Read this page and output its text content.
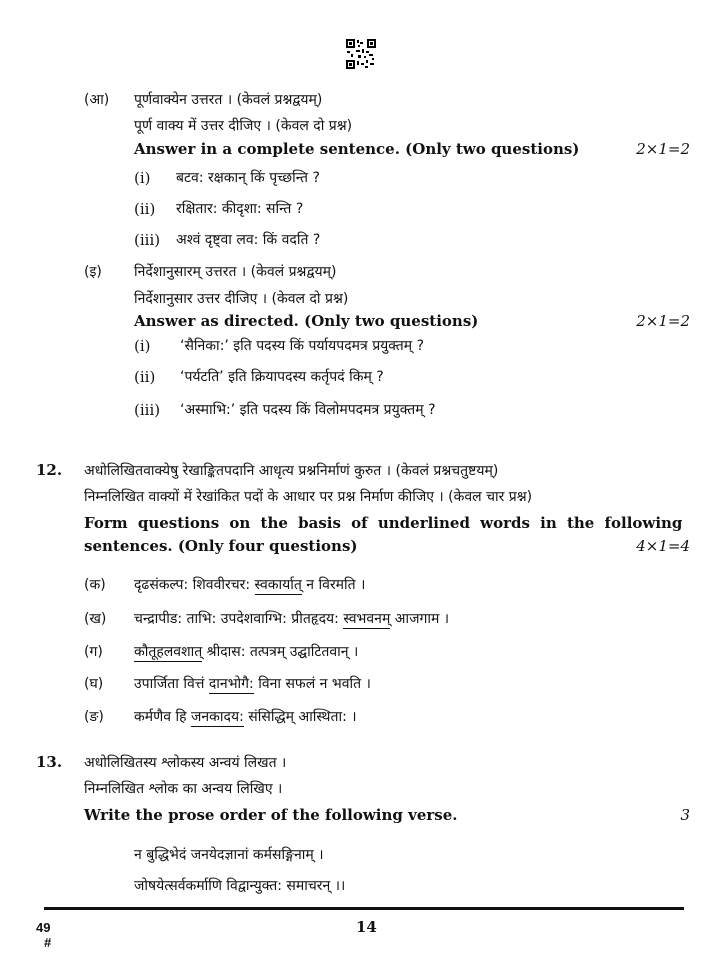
(आ) पूर्णवाक्येन उत्तरत । (केवलं प्रश्नद्वयम्)
पूर्ण वाक्य में उत्तर दीजिए । (केवल दो प्रश्न)
Answer in a complete sentence. (Only two questions)	2×1=2
(i) बटव: रक्षकान् किं पृच्छन्ति ?
(ii) रक्षितार: कीदृशा: सन्ति ?
(iii) अश्वं दृष्ट्वा लव: किं वदति ?
(इ) निर्देशानुसारम् उत्तरत । (केवलं प्रश्नद्वयम्)
निर्देशानुसार उत्तर दीजिए । (केवल दो प्रश्न)
Answer as directed. (Only two questions)	2×1=2
(i) ‘सैनिका:’ इति पदस्य किं पर्यायपदमत्र प्रयुक्तम् ?
(ii) ‘पर्यटति’ इति क्रियापदस्य कर्तृपदं किम् ?
(iii) ‘अस्माभि:’ इति पदस्य किं विलोमपदमत्र प्रयुक्तम् ?
12. अधोलिखितवाक्येषु रेखाङ्कितपदानि आधृत्य प्रश्ननिर्माणं कुरुत । (केवलं प्रश्नचतुष्टयम्)
निम्नलिखित वाक्यों में रेखांकित पदों के आधार पर प्रश्न निर्माण कीजिए । (केवल चार प्रश्न)
Form questions on the basis of underlined words in the following
sentences. (Only four questions)	4×1=4
(क) दृढसंकल्प: शिववीरचर: स्वकार्यात् न विरमति ।
(ख) चन्द्रापीड: ताभि: उपदेशवाग्भि: प्रीतहृदय: स्वभवनम् आजगाम ।
(ग) कौतूहलवशात् श्रीदास: तत्पत्रम् उद्घाटितवान् ।
(घ) उपार्जिता वित्तं दानभोगै: विना सफलं न भवति ।
(ङ) कर्मणैव हि जनकादय: संसिद्धिम् आस्थिता: ।
13. अधोलिखितस्य श्लोकस्य अन्वयं लिखत ।
निम्नलिखित श्लोक का अन्वय लिखिए ।
Write the prose order of the following verse.	3
न बुद्धिभेदं जनयेदज्ञानां कर्मसङ्गिनाम् ।
जोषयेत्सर्वकर्माणि विद्वान्युक्त: समाचरन् ।।
49
#
14
